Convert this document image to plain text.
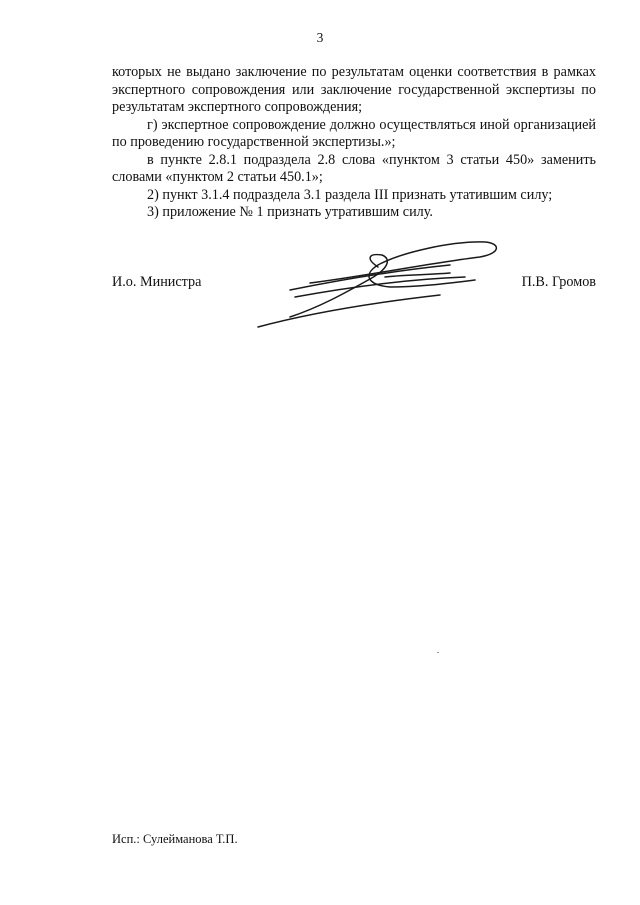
3

которых не выдано заключение по результатам оценки соответствия в рамках экспертного сопровождения или заключение государственной экспертизы по результатам экспертного сопровождения;

г) экспертное сопровождение должно осуществляться иной организацией по проведению государственной экспертизы.»;

в пункте 2.8.1 подраздела 2.8 слова «пунктом 3 статьи 450» заменить словами «пунктом 2 статьи 450.1»;

2) пункт 3.1.4 подраздела 3.1 раздела III признать утатившим силу;

3) приложение № 1 признать утратившим силу.

И.о. Министра	П.В. Громов
Исп.: Сулейманова Т.П.
